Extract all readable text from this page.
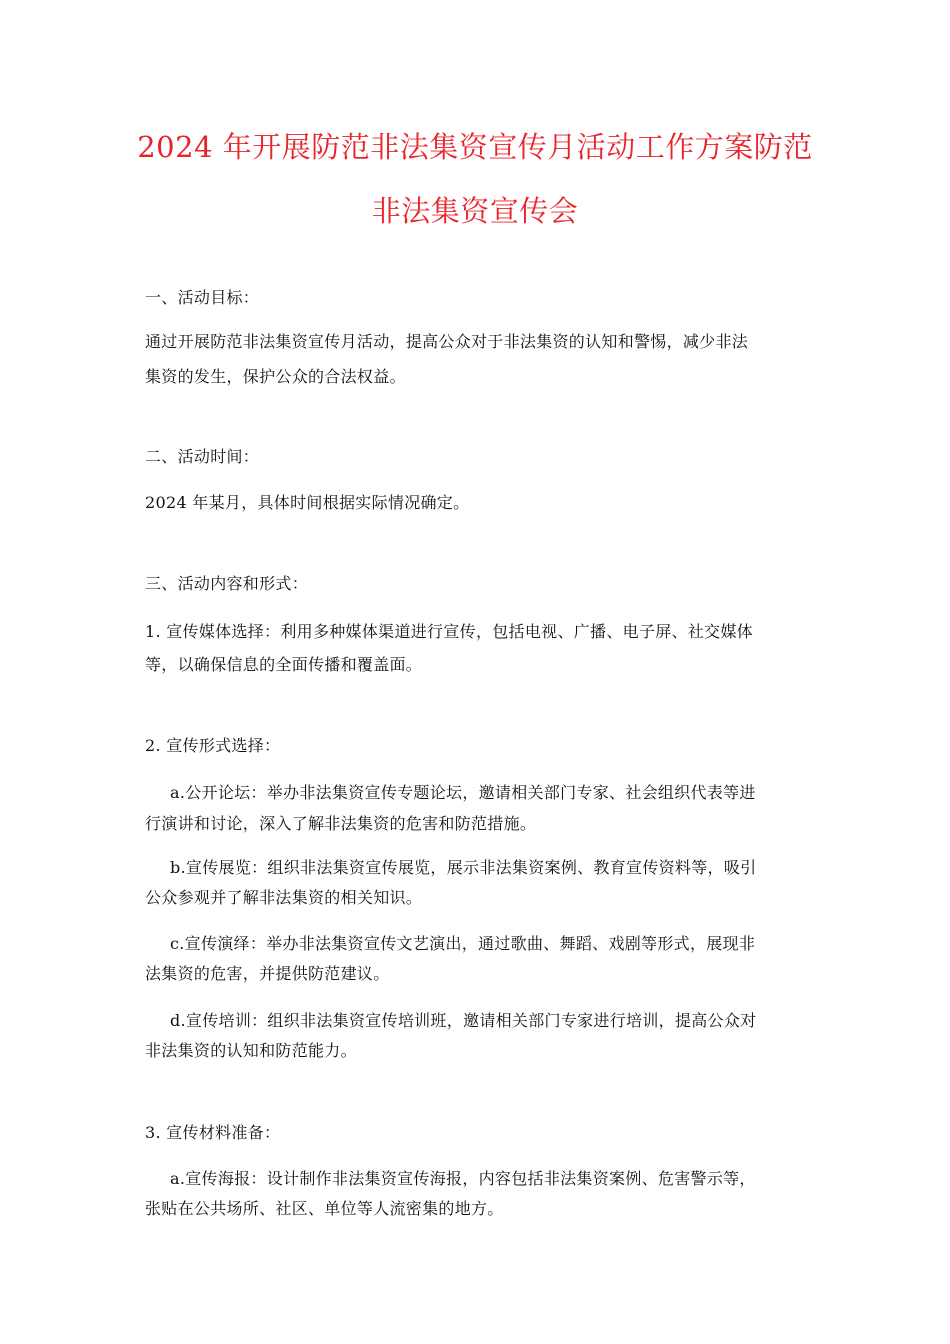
2024 年开展防范非法集资宣传月活动工作方案防范
非法集资宣传会
一、活动目标：
通过开展防范非法集资宣传月活动，提高公众对于非法集资的认知和警惕，减少非法
集资的发生，保护公众的合法权益。
二、活动时间：
2024 年某月，具体时间根据实际情况确定。
三、活动内容和形式：
1. 宣传媒体选择：利用多种媒体渠道进行宣传，包括电视、广播、电子屏、社交媒体
等，以确保信息的全面传播和覆盖面。
2. 宣传形式选择：
a.公开论坛：举办非法集资宣传专题论坛，邀请相关部门专家、社会组织代表等进
行演讲和讨论，深入了解非法集资的危害和防范措施。
b.宣传展览：组织非法集资宣传展览，展示非法集资案例、教育宣传资料等，吸引
公众参观并了解非法集资的相关知识。
c.宣传演绎：举办非法集资宣传文艺演出，通过歌曲、舞蹈、戏剧等形式，展现非
法集资的危害，并提供防范建议。
d.宣传培训：组织非法集资宣传培训班，邀请相关部门专家进行培训，提高公众对
非法集资的认知和防范能力。
3. 宣传材料准备：
a.宣传海报：设计制作非法集资宣传海报，内容包括非法集资案例、危害警示等，
张贴在公共场所、社区、单位等人流密集的地方。
